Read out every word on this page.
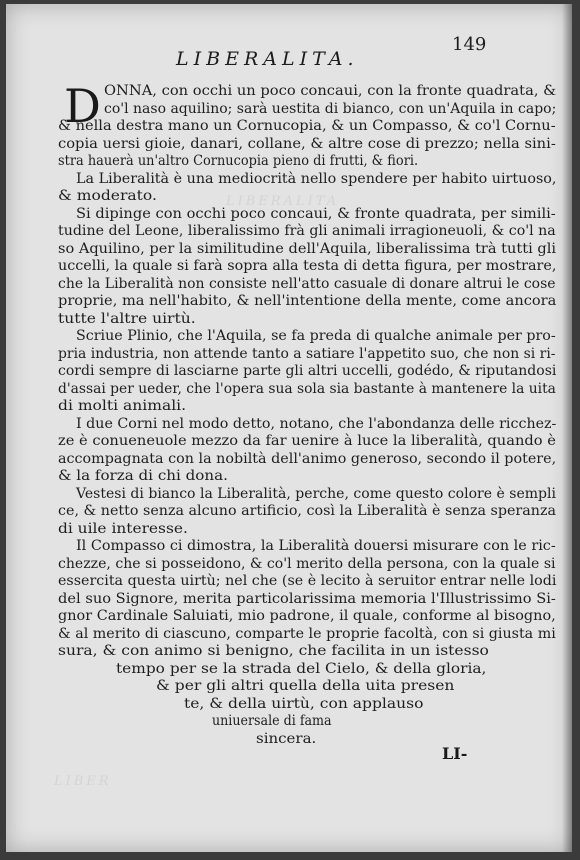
LIBERALITA
LIBER
149
LIBERALITA.
D ONNA, con occhi un poco concaui, con la fronte quadrata, &
co'l naso aquilino; sarà uestita di bianco, con un'Aquila in capo;
& nella destra mano un Cornucopia, & un Compasso, & co'l Cornu-
copia uersi gioie, danari, collane, & altre cose di prezzo; nella sini-
stra hauerà un'altro Cornucopia pieno di frutti, & fiori.
La Liberalità è una mediocrità nello spendere per habito uirtuoso,
& moderato.
Si dipinge con occhi poco concaui, & fronte quadrata, per simili-
tudine del Leone, liberalissimo frà gli animali irragioneuoli, & co'l na
so Aquilino, per la similitudine dell'Aquila, liberalissima trà tutti gli
uccelli, la quale si farà sopra alla testa di detta figura, per mostrare,
che la Liberalità non consiste nell'atto casuale di donare altrui le cose
proprie, ma nell'habito, & nell'intentione della mente, come ancora
tutte l'altre uirtù.
Scriue Plinio, che l'Aquila, se fa preda di qualche animale per pro-
pria industria, non attende tanto a satiare l'appetito suo, che non si ri-
cordi sempre di lasciarne parte gli altri uccelli, godédo, & riputandosi
d'assai per ueder, che l'opera sua sola sia bastante à mantenere la uita
di molti animali.
I due Corni nel modo detto, notano, che l'abondanza delle ricchez-
ze è conueneuole mezzo da far uenire à luce la liberalità, quando è
accompagnata con la nobiltà dell'animo generoso, secondo il potere,
& la forza di chi dona.
Vestesi di bianco la Liberalità, perche, come questo colore è sempli
ce, & netto senza alcuno artificio, così la Liberalità è senza speranza
di uile interesse.
Il Compasso ci dimostra, la Liberalità douersi misurare con le ric-
chezze, che si posseidono, & co'l merito della persona, con la quale si
essercita questa uirtù; nel che (se è lecito à seruitor entrar nelle lodi
del suo Signore, merita particolarissima memoria l'Illustrissimo Si-
gnor Cardinale Saluiati, mio padrone, il quale, conforme al bisogno,
& al merito di ciascuno, comparte le proprie facoltà, con si giusta mi
sura, & con animo si benigno, che facilita in un istesso
tempo per se la strada del Cielo, & della gloria,
& per gli altri quella della uita presen
te, & della uirtù, con applauso
uniuersale di fama
sincera.
LI-
